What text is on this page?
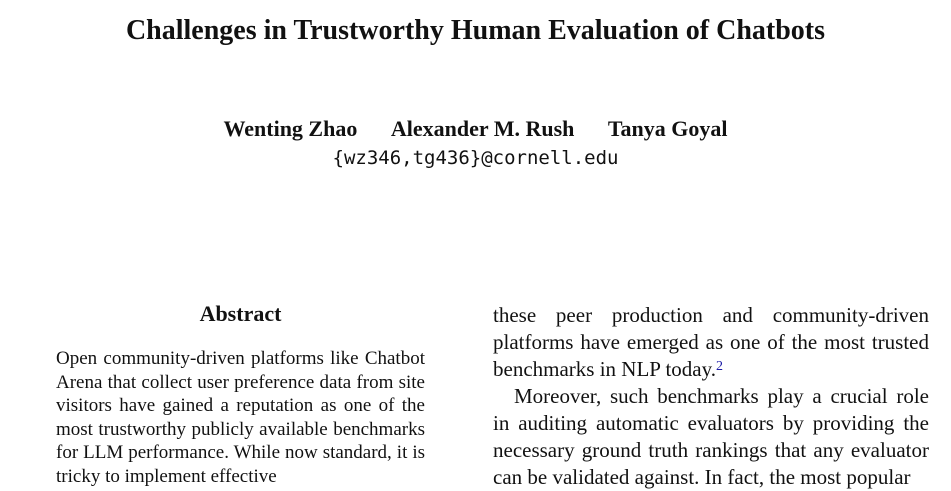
Challenges in Trustworthy Human Evaluation of Chatbots
Wenting Zhao Alexander M. Rush Tanya Goyal
{wz346,tg436}@cornell.edu
Abstract

Open community-driven platforms like Chatbot Arena that collect user preference data from site visitors have gained a reputation as one of the most trustworthy publicly available benchmarks for LLM performance. While now standard, it is tricky to implement effective

these peer production and community-driven platforms have emerged as one of the most trusted benchmarks in NLP today.$^2$

Moreover, such benchmarks play a crucial role in auditing automatic evaluators by providing the necessary ground truth rankings that any evaluator can be validated against. In fact, the most popular
